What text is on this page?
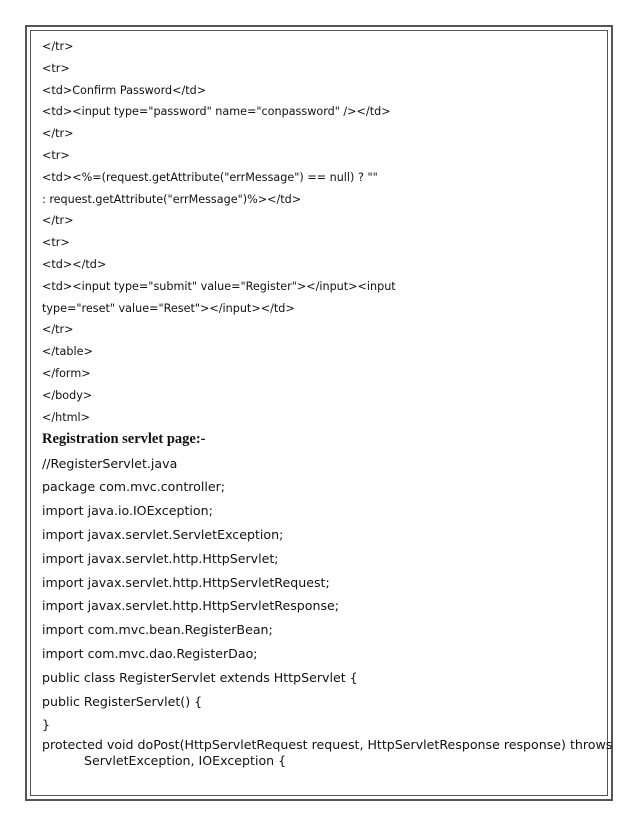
</tr>

<tr>

<td>Confirm Password</td>

<td><input type="password" name="conpassword" /></td>

</tr>

<tr>

<td><%=(request.getAttribute("errMessage") == null) ? ""

: request.getAttribute("errMessage")%></td>

</tr>

<tr>

<td></td>

<td><input type="submit" value="Register"></input><input

type="reset" value="Reset"></input></td>

</tr>

</table>

</form>

</body>

</html>

Registration servlet page:-

//RegisterServlet.java

package com.mvc.controller;

import java.io.IOException;

import javax.servlet.ServletException;

import javax.servlet.http.HttpServlet;

import javax.servlet.http.HttpServletRequest;

import javax.servlet.http.HttpServletResponse;

import com.mvc.bean.RegisterBean;

import com.mvc.dao.RegisterDao;

public class RegisterServlet extends HttpServlet {

public RegisterServlet() {

}

protected void doPost(HttpServletRequest request, HttpServletResponse response) throws

ServletException, IOException {
